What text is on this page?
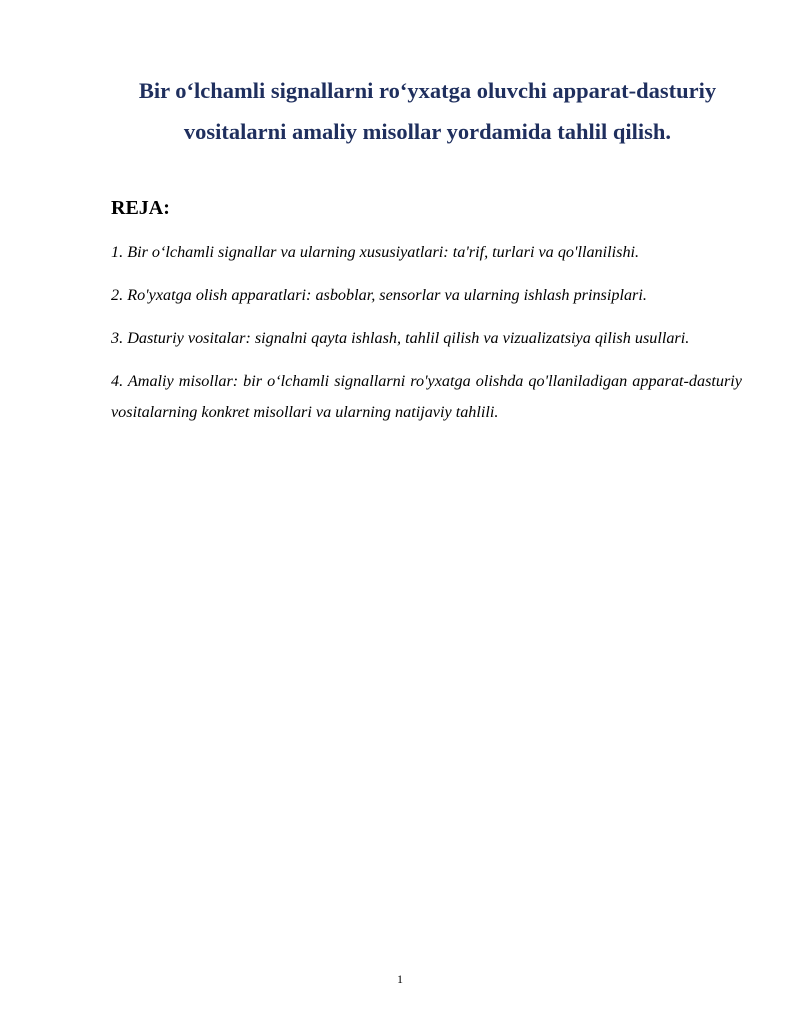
Bir o‘lchamli signallarni ro‘yxatga oluvchi apparat-dasturiy vositalarni amaliy misollar yordamida tahlil qilish.
REJA:
1. Bir o‘lchamli signallar va ularning xususiyatlari: ta'rif, turlari va qo'llanilishi.
2. Ro'yxatga olish apparatlari: asboblar, sensorlar va ularning ishlash prinsiplari.
3. Dasturiy vositalar: signalni qayta ishlash, tahlil qilish va vizualizatsiya qilish usullari.
4. Amaliy misollar: bir o‘lchamli signallarni ro'yxatga olishda qo'llaniladigan apparat-dasturiy vositalarning konkret misollari va ularning natijaviy tahlili.
1
